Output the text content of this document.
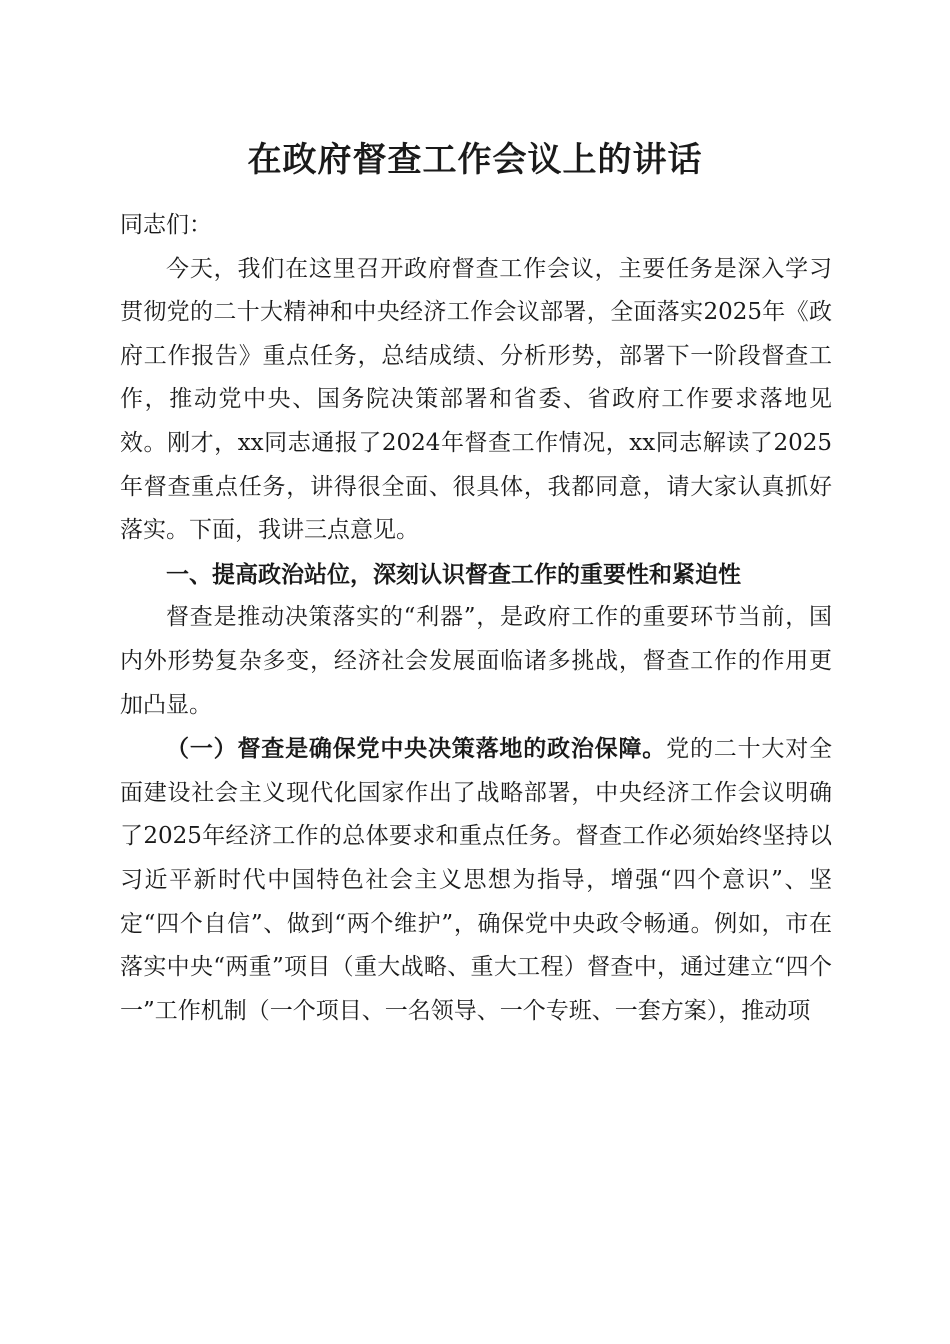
在政府督查工作会议上的讲话

同志们：

今天，我们在这里召开政府督查工作会议，主要任务是深入学习贯彻党的二十大精神和中央经济工作会议部署，全面落实2025年《政府工作报告》重点任务，总结成绩、分析形势，部署下一阶段督查工作，推动党中央、国务院决策部署和省委、省政府工作要求落地见效。刚才，xx同志通报了2024年督查工作情况，xx同志解读了2025年督查重点任务，讲得很全面、很具体，我都同意，请大家认真抓好落实。下面，我讲三点意见。

一、提高政治站位，深刻认识督查工作的重要性和紧迫性

督查是推动决策落实的“利器”，是政府工作的重要环节当前，国内外形势复杂多变，经济社会发展面临诸多挑战，督查工作的作用更加凸显。

（一）督查是确保党中央决策落地的政治保障。党的二十大对全面建设社会主义现代化国家作出了战略部署，中央经济工作会议明确了2025年经济工作的总体要求和重点任务。督查工作必须始终坚持以习近平新时代中国特色社会主义思想为指导，增强“四个意识”、坚定“四个自信”、做到“两个维护”，确保党中央政令畅通。例如，市在落实中央“两重”项目（重大战略、重大工程）督查中，通过建立“四个一”工作机制（一个项目、一名领导、一个专班、一套方案），推动项
